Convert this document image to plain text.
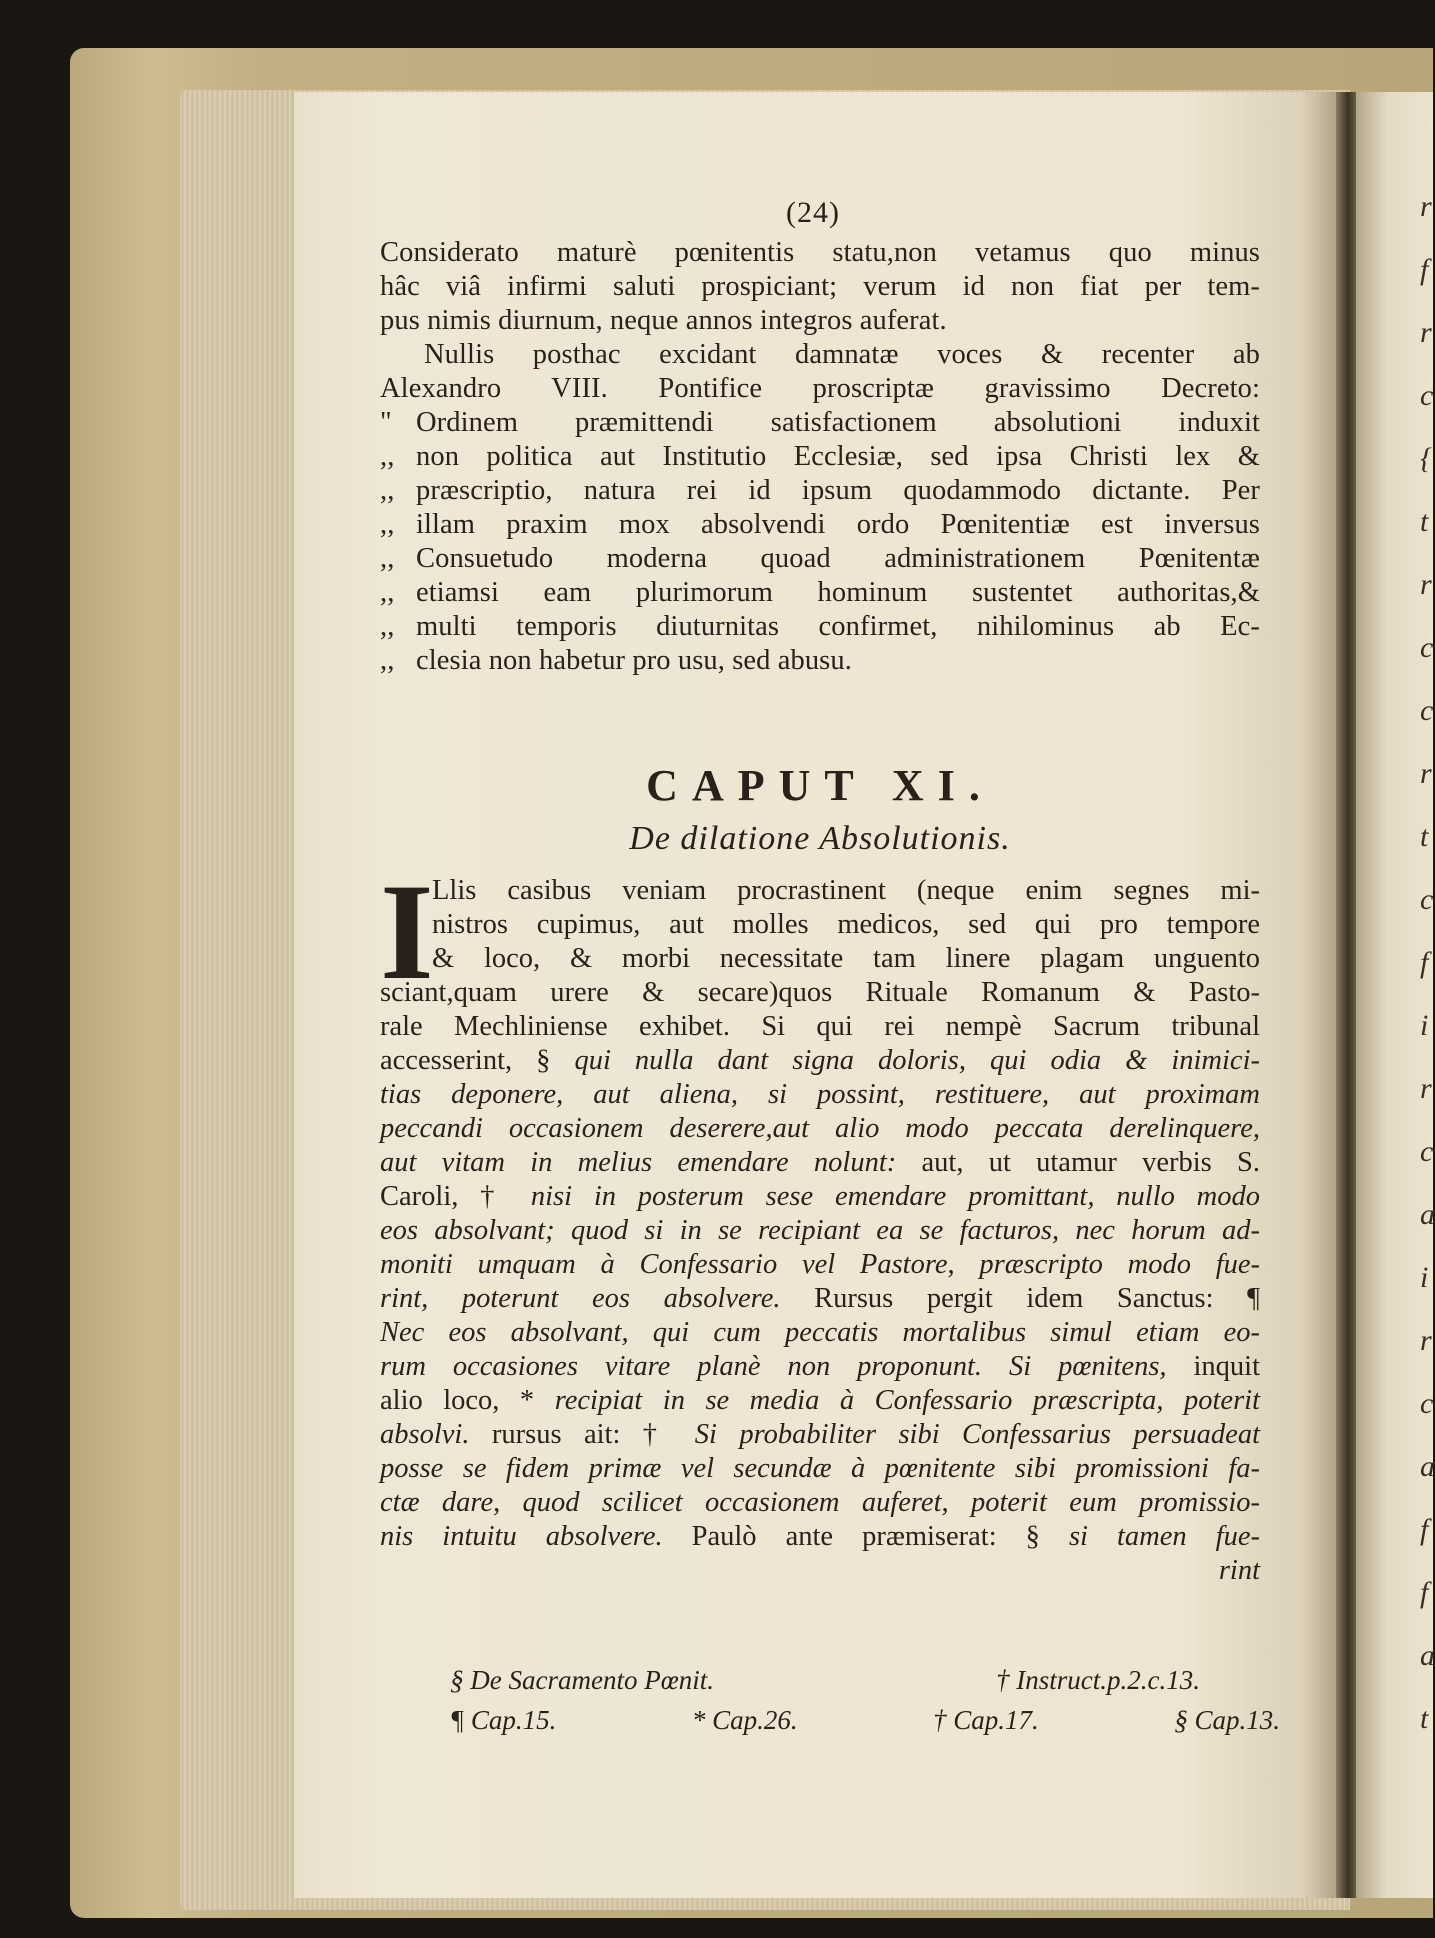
r
f
r
c
{
t
r
c
c
r
t
c
f
i
r
c
a
i
r
c
a
f
f
a
t
(24)
Considerato maturè pœnitentis statu,non vetamus quo minus
hâc viâ infirmi saluti prospiciant; verum id non fiat per tem-
pus nimis diurnum, neque annos integros auferat.
Nullis posthac excidant damnatæ voces & recenter ab
Alexandro VIII. Pontifice proscriptæ gravissimo Decreto:
" Ordinem præmittendi satisfactionem absolutioni induxit
,, non politica aut Institutio Ecclesiæ, sed ipsa Christi lex &
,, præscriptio, natura rei id ipsum quodammodo dictante. Per
,, illam praxim mox absolvendi ordo Pœnitentiæ est inversus
,, Consuetudo moderna quoad administrationem Pœnitentæ
,, etiamsi eam plurimorum hominum sustentet authoritas,&
,, multi temporis diuturnitas confirmet, nihilominus ab Ec-
,, clesia non habetur pro usu, sed abusu.
CAPUT XI.
De dilatione Absolutionis.
I
Llis casibus veniam procrastinent (neque enim segnes mi-
nistros cupimus, aut molles medicos, sed qui pro tempore
& loco, & morbi necessitate tam linere plagam unguento
sciant,quam urere & secare)quos Rituale Romanum & Pasto-
rale Mechliniense exhibet. Si qui rei nempè Sacrum tribunal
accesserint, § qui nulla dant signa doloris, qui odia & inimici-
tias deponere, aut aliena, si possint, restituere, aut proximam
peccandi occasionem deserere,aut alio modo peccata derelinquere,
aut vitam in melius emendare nolunt: aut, ut utamur verbis S.
Caroli, † nisi in posterum sese emendare promittant, nullo modo
eos absolvant; quod si in se recipiant ea se facturos, nec horum ad-
moniti umquam à Confessario vel Pastore, præscripto modo fue-
rint, poterunt eos absolvere. Rursus pergit idem Sanctus: ¶
Nec eos absolvant, qui cum peccatis mortalibus simul etiam eo-
rum occasiones vitare planè non proponunt. Si pœnitens, inquit
alio loco, * recipiat in se media à Confessario præscripta, poterit
absolvi. rursus ait: † Si probabiliter sibi Confessarius persuadeat
posse se fidem primæ vel secundæ à pœnitente sibi promissioni fa-
ctæ dare, quod scilicet occasionem auferet, poterit eum promissio-
nis intuitu absolvere. Paulò ante præmiserat: § si tamen fue-
rint
§ De Sacramento Pœnit.	† Instruct.p.2.c.13.
¶ Cap.15.	* Cap.26.	† Cap.17.	§ Cap.13.
